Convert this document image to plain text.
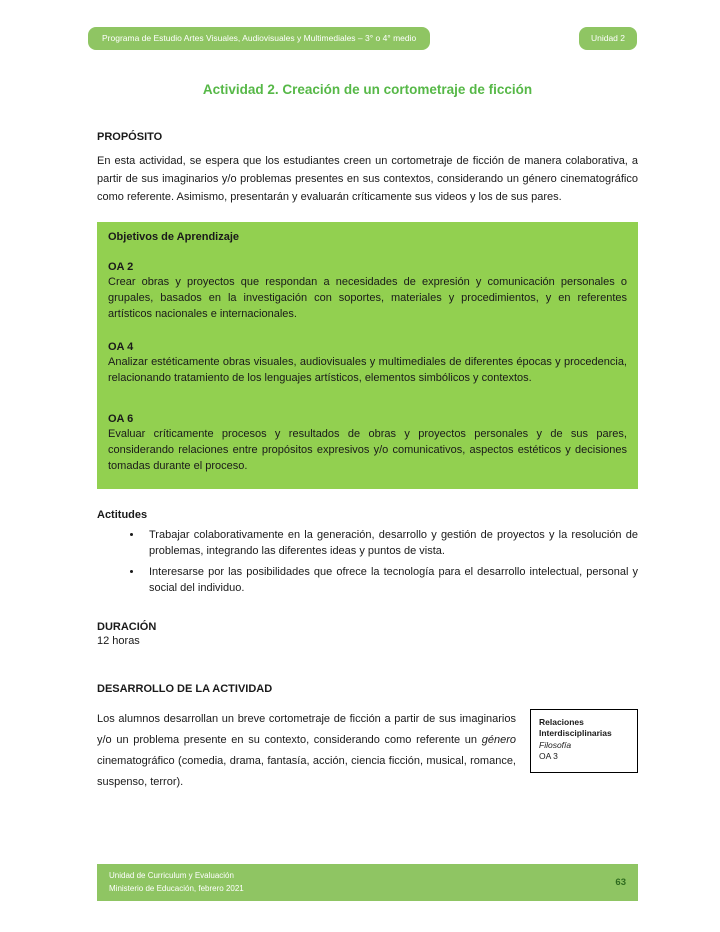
Programa de Estudio Artes Visuales, Audiovisuales y Multimediales – 3° o 4° medio	Unidad 2
Actividad 2. Creación de un cortometraje de ficción
PROPÓSITO
En esta actividad, se espera que los estudiantes creen un cortometraje de ficción de manera colaborativa, a partir de sus imaginarios y/o problemas presentes en sus contextos, considerando un género cinematográfico como referente. Asimismo, presentarán y evaluarán críticamente sus videos y los de sus pares.
Objetivos de Aprendizaje
OA 2
Crear obras y proyectos que respondan a necesidades de expresión y comunicación personales o grupales, basados en la investigación con soportes, materiales y procedimientos, y en referentes artísticos nacionales e internacionales.
OA 4
Analizar estéticamente obras visuales, audiovisuales y multimediales de diferentes épocas y procedencia, relacionando tratamiento de los lenguajes artísticos, elementos simbólicos y contextos.
OA 6
Evaluar críticamente procesos y resultados de obras y proyectos personales y de sus pares, considerando relaciones entre propósitos expresivos y/o comunicativos, aspectos estéticos y decisiones tomadas durante el proceso.
Actitudes
• Trabajar colaborativamente en la generación, desarrollo y gestión de proyectos y la resolución de problemas, integrando las diferentes ideas y puntos de vista.
• Interesarse por las posibilidades que ofrece la tecnología para el desarrollo intelectual, personal y social del individuo.
DURACIÓN
12 horas
DESARROLLO DE LA ACTIVIDAD
Los alumnos desarrollan un breve cortometraje de ficción a partir de sus imaginarios y/o un problema presente en su contexto, considerando como referente un género cinematográfico (comedia, drama, fantasía, acción, ciencia ficción, musical, romance, suspenso, terror).
Relaciones Interdisciplinarias
Filosofía
OA 3
Unidad de Curriculum y Evaluación
Ministerio de Educación, febrero 2021	63
